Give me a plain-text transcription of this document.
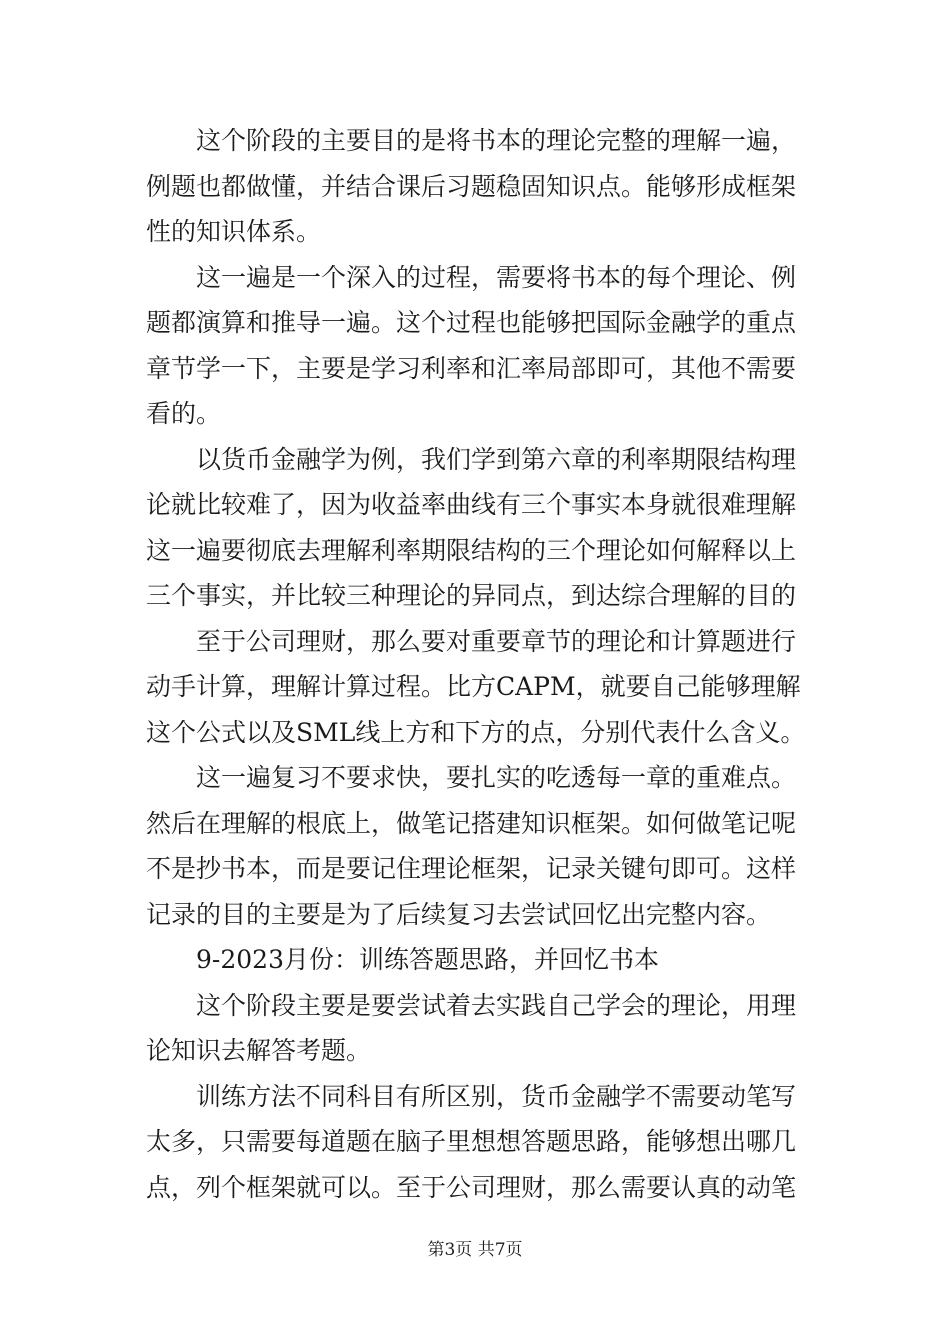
这个阶段的主要目的是将书本的理论完整的理解一遍，
例题也都做懂，并结合课后习题稳固知识点。能够形成框架
性的知识体系。
这一遍是一个深入的过程，需要将书本的每个理论、例
题都演算和推导一遍。这个过程也能够把国际金融学的重点
章节学一下，主要是学习利率和汇率局部即可，其他不需要
看的。
以货币金融学为例，我们学到第六章的利率期限结构理
论就比较难了，因为收益率曲线有三个事实本身就很难理解
这一遍要彻底去理解利率期限结构的三个理论如何解释以上
三个事实，并比较三种理论的异同点，到达综合理解的目的
至于公司理财，那么要对重要章节的理论和计算题进行
动手计算，理解计算过程。比方CAPM，就要自己能够理解
这个公式以及SML线上方和下方的点，分别代表什么含义。
这一遍复习不要求快，要扎实的吃透每一章的重难点。
然后在理解的根底上，做笔记搭建知识框架。如何做笔记呢
不是抄书本，而是要记住理论框架，记录关键句即可。这样
记录的目的主要是为了后续复习去尝试回忆出完整内容。
9-2023月份：训练答题思路，并回忆书本
这个阶段主要是要尝试着去实践自己学会的理论，用理
论知识去解答考题。
训练方法不同科目有所区别，货币金融学不需要动笔写
太多，只需要每道题在脑子里想想答题思路，能够想出哪几
点，列个框架就可以。至于公司理财，那么需要认真的动笔
第3页 共7页
